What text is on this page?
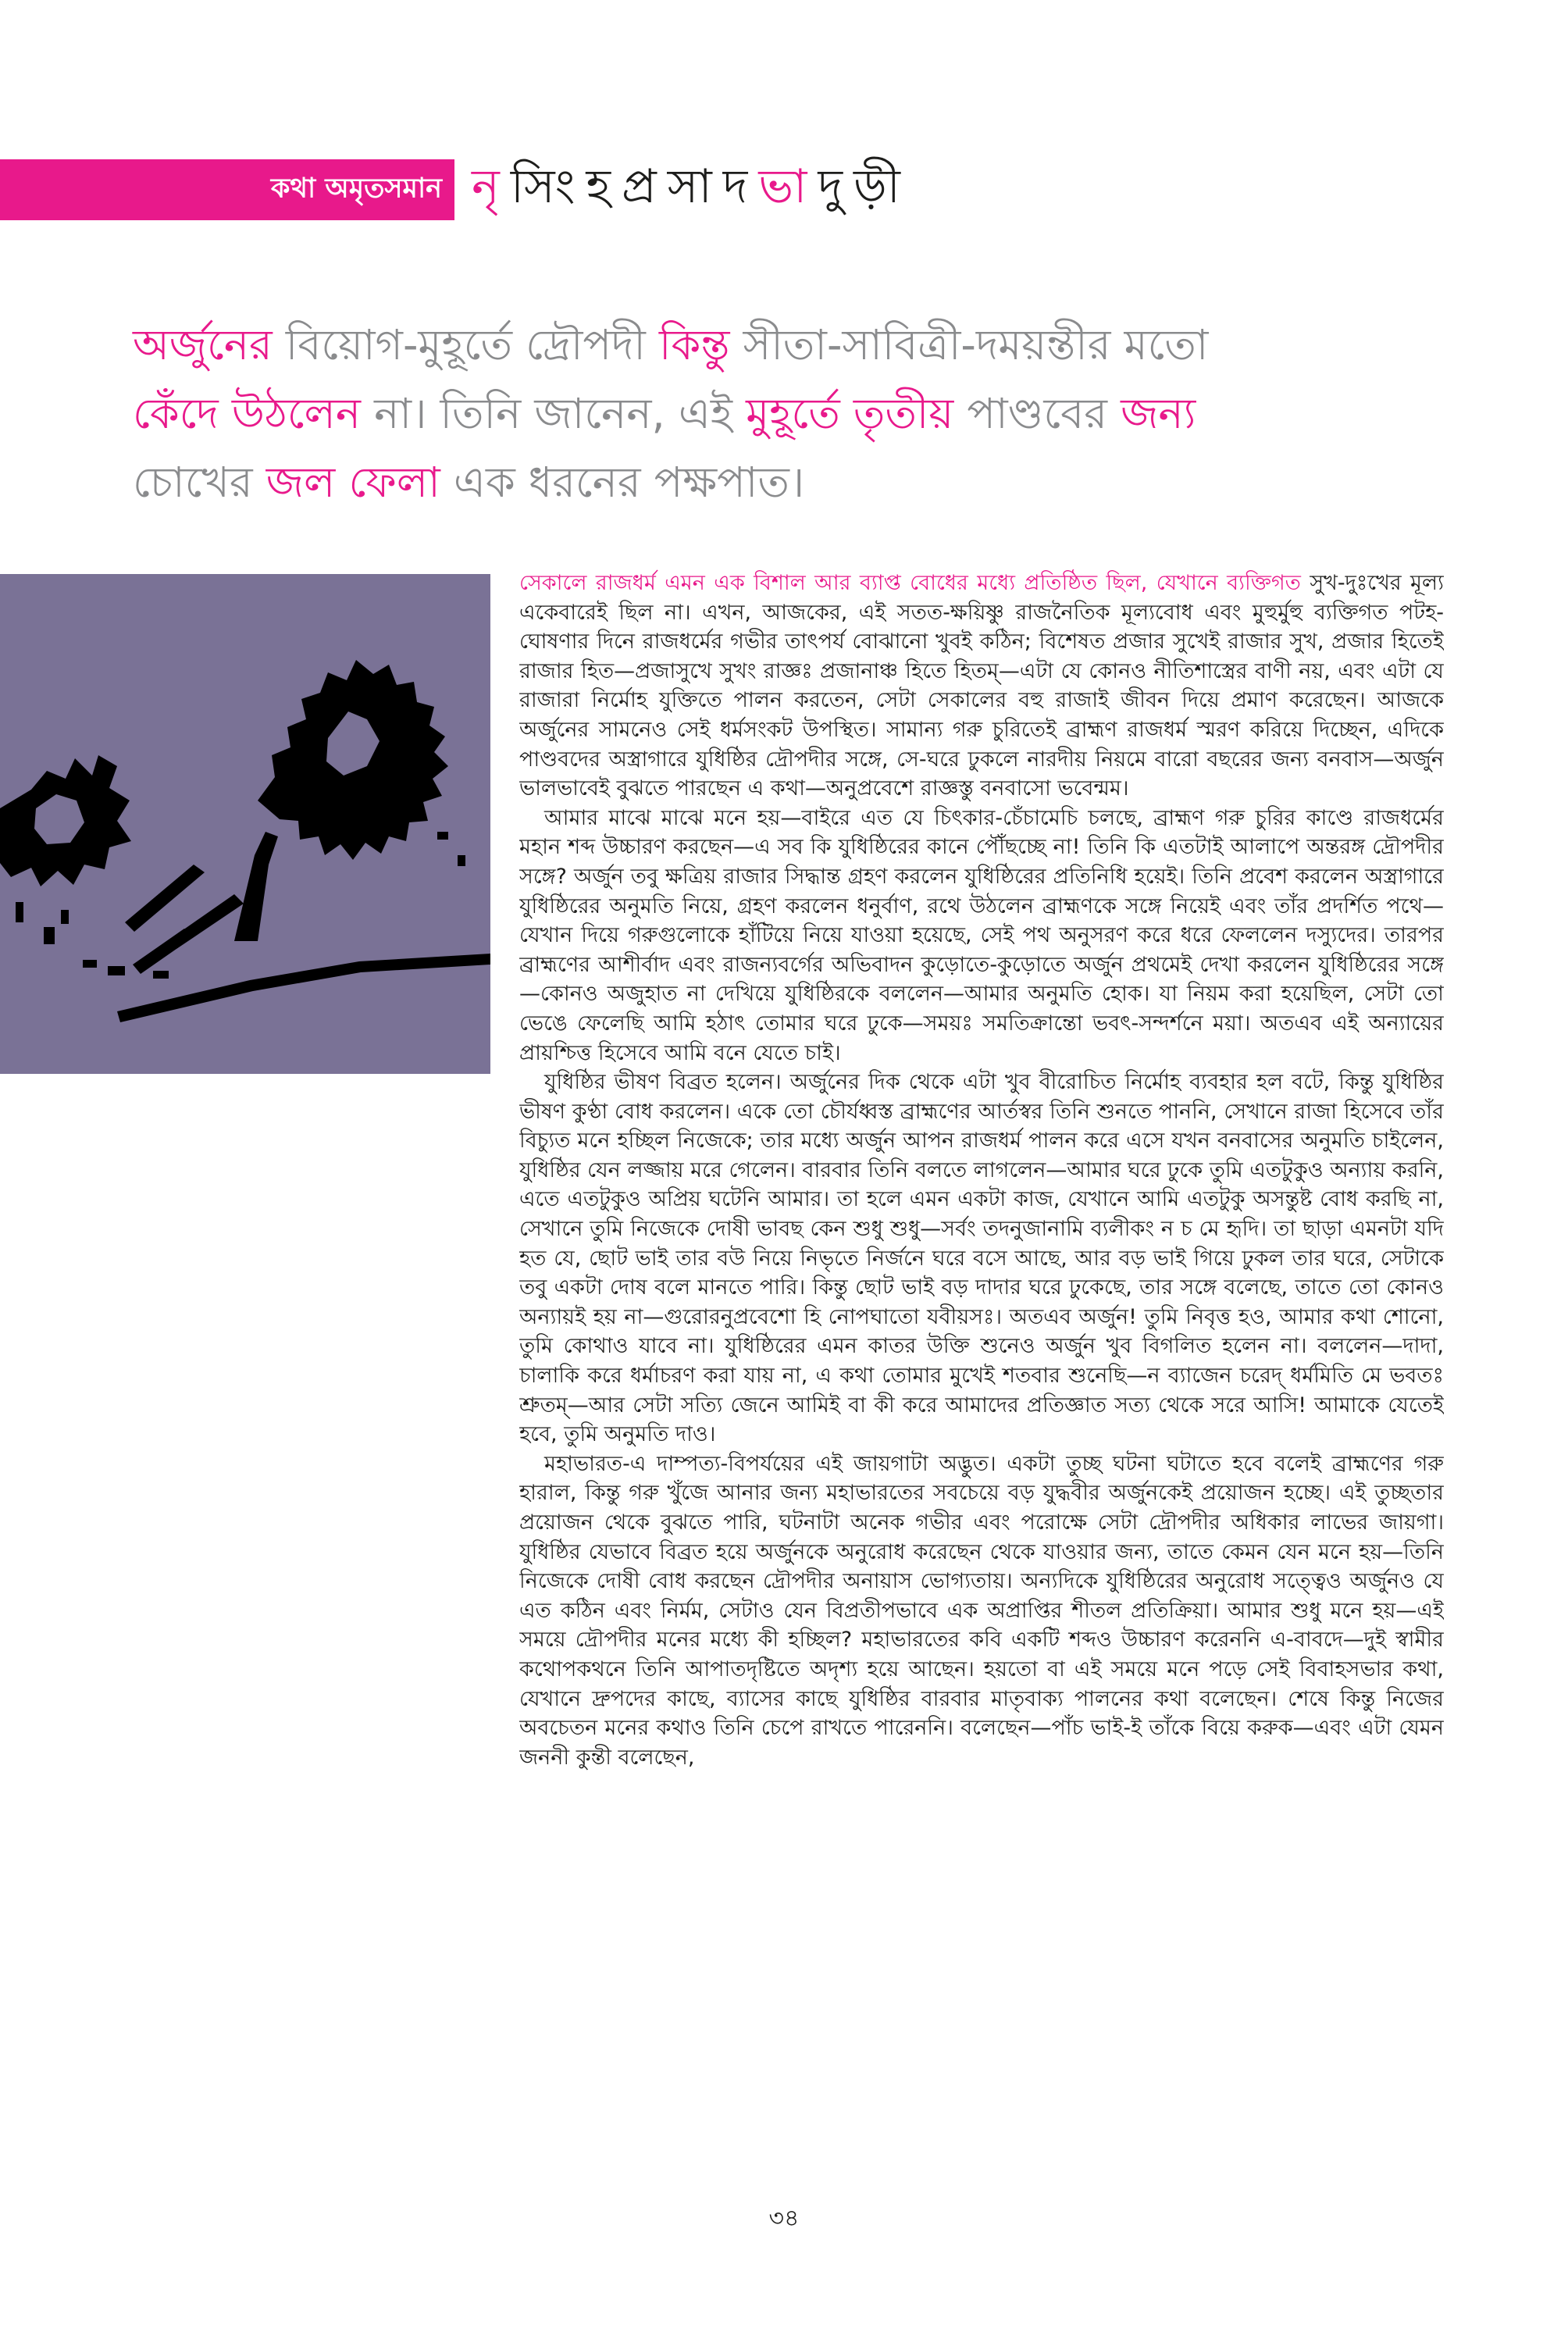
কথা অমৃতসমান নৃ সিংহপ্রসাদ ভা দুড়ী
অর্জুনের বিয়োগ-মুহূর্তে দ্রৌপদী কিন্তু সীতা-সাবিত্রী-দময়ন্তীর মতো
কেঁদে উঠলেন না। তিনি জানেন, এই মুহূর্তে তৃতীয় পাণ্ডবের জন্য
চোখের জল ফেলা এক ধরনের পক্ষপাত।

সেকালে রাজধর্ম এমন এক বিশাল আর ব্যাপ্ত বোধের মধ্যে প্রতিষ্ঠিত ছিল, যেখানে ব্যক্তিগত সুখ-দুঃখের মূল্য একেবারেই ছিল না। এখন, আজকের, এই সতত-ক্ষয়িষ্ণু রাজনৈতিক মূল্যবোধ এবং মুহুর্মুহু ব্যক্তিগত পটহ-ঘোষণার দিনে রাজধর্মের গভীর তাৎপর্য বোঝানো খুবই কঠিন; বিশেষত প্রজার সুখেই রাজার সুখ, প্রজার হিতেই রাজার হিত—প্রজাসুখে সুখং রাজ্ঞঃ প্রজানাঞ্চ হিতে হিতম্—এটা যে কোনও নীতিশাস্ত্রের বাণী নয়, এবং এটা যে রাজারা নির্মোহ যুক্তিতে পালন করতেন, সেটা সেকালের বহু রাজাই জীবন দিয়ে প্রমাণ করেছেন। আজকে অর্জুনের সামনেও সেই ধর্মসংকট উপস্থিত। সামান্য গরু চুরিতেই ব্রাহ্মণ রাজধর্ম স্মরণ করিয়ে দিচ্ছেন, এদিকে পাণ্ডবদের অস্ত্রাগারে যুধিষ্ঠির দ্রৌপদীর সঙ্গে, সে-ঘরে ঢুকলে নারদীয় নিয়মে বারো বছরের জন্য বনবাস—অর্জুন ভালভাবেই বুঝতে পারছেন এ কথা—অনুপ্রবেশে রাজ্ঞস্তু বনবাসো ভবেন্মম।

আমার মাঝে মাঝে মনে হয়—বাইরে এত যে চিৎকার-চেঁচামেচি চলছে, ব্রাহ্মণ গরু চুরির কাণ্ডে রাজধর্মের মহান শব্দ উচ্চারণ করছেন—এ সব কি যুধিষ্ঠিরের কানে পৌঁছচ্ছে না! তিনি কি এতটাই আলাপে অন্তরঙ্গ দ্রৌপদীর সঙ্গে? অর্জুন তবু ক্ষত্রিয় রাজার সিদ্ধান্ত গ্রহণ করলেন যুধিষ্ঠিরের প্রতিনিধি হয়েই। তিনি প্রবেশ করলেন অস্ত্রাগারে যুধিষ্ঠিরের অনুমতি নিয়ে, গ্রহণ করলেন ধনুর্বাণ, রথে উঠলেন ব্রাহ্মণকে সঙ্গে নিয়েই এবং তাঁর প্রদর্শিত পথে—যেখান দিয়ে গরুগুলোকে হাঁটিয়ে নিয়ে যাওয়া হয়েছে, সেই পথ অনুসরণ করে ধরে ফেললেন দস্যুদের। তারপর ব্রাহ্মণের আশীর্বাদ এবং রাজন্যবর্গের অভিবাদন কুড়োতে-কুড়োতে অর্জুন প্রথমেই দেখা করলেন যুধিষ্ঠিরের সঙ্গে—কোনও অজুহাত না দেখিয়ে যুধিষ্ঠিরকে বললেন—আমার অনুমতি হোক। যা নিয়ম করা হয়েছিল, সেটা তো ভেঙে ফেলেছি আমি হঠাৎ তোমার ঘরে ঢুকে—সময়ঃ সমতিক্রান্তো ভবৎ-সন্দর্শনে ময়া। অতএব এই অন্যায়ের প্রায়শ্চিত্ত হিসেবে আমি বনে যেতে চাই।

যুধিষ্ঠির ভীষণ বিব্রত হলেন। অর্জুনের দিক থেকে এটা খুব বীরোচিত নির্মোহ ব্যবহার হল বটে, কিন্তু যুধিষ্ঠির ভীষণ কুণ্ঠা বোধ করলেন। একে তো চৌর্যধ্বস্ত ব্রাহ্মণের আর্তস্বর তিনি শুনতে পাননি, সেখানে রাজা হিসেবে তাঁর বিচ্যুত মনে হচ্ছিল নিজেকে; তার মধ্যে অর্জুন আপন রাজধর্ম পালন করে এসে যখন বনবাসের অনুমতি চাইলেন, যুধিষ্ঠির যেন লজ্জায় মরে গেলেন। বারবার তিনি বলতে লাগলেন—আমার ঘরে ঢুকে তুমি এতটুকুও অন্যায় করনি, এতে এতটুকুও অপ্রিয় ঘটেনি আমার। তা হলে এমন একটা কাজ, যেখানে আমি এতটুকু অসন্তুষ্ট বোধ করছি না, সেখানে তুমি নিজেকে দোষী ভাবছ কেন শুধু শুধু—সর্বং তদনুজানামি ব্যলীকং ন চ মে হৃদি। তা ছাড়া এমনটা যদি হত যে, ছোট ভাই তার বউ নিয়ে নিভৃতে নির্জনে ঘরে বসে আছে, আর বড় ভাই গিয়ে ঢুকল তার ঘরে, সেটাকে তবু একটা দোষ বলে মানতে পারি। কিন্তু ছোট ভাই বড় দাদার ঘরে ঢুকেছে, তার সঙ্গে বলেছে, তাতে তো কোনও অন্যায়ই হয় না—গুরোরনুপ্রবেশো হি নোপঘাতো যবীয়সঃ। অতএব অর্জুন! তুমি নিবৃত্ত হও, আমার কথা শোনো, তুমি কোথাও যাবে না। যুধিষ্ঠিরের এমন কাতর উক্তি শুনেও অর্জুন খুব বিগলিত হলেন না। বললেন—দাদা, চালাকি করে ধর্মাচরণ করা যায় না, এ কথা তোমার মুখেই শতবার শুনেছি—ন ব্যাজেন চরেদ্ ধর্মমিতি মে ভবতঃ শ্রুতম্—আর সেটা সত্যি জেনে আমিই বা কী করে আমাদের প্রতিজ্ঞাত সত্য থেকে সরে আসি! আমাকে যেতেই হবে, তুমি অনুমতি দাও।

মহাভারত-এ দাম্পত্য-বিপর্যয়ের এই জায়গাটা অদ্ভুত। একটা তুচ্ছ ঘটনা ঘটাতে হবে বলেই ব্রাহ্মণের গরু হারাল, কিন্তু গরু খুঁজে আনার জন্য মহাভারতের সবচেয়ে বড় যুদ্ধবীর অর্জুনকেই প্রয়োজন হচ্ছে। এই তুচ্ছতার প্রয়োজন থেকে বুঝতে পারি, ঘটনাটা অনেক গভীর এবং পরোক্ষে সেটা দ্রৌপদীর অধিকার লাভের জায়গা। যুধিষ্ঠির যেভাবে বিব্রত হয়ে অর্জুনকে অনুরোধ করেছেন থেকে যাওয়ার জন্য, তাতে কেমন যেন মনে হয়—তিনি নিজেকে দোষী বোধ করছেন দ্রৌপদীর অনায়াস ভোগ্যতায়। অন্যদিকে যুধিষ্ঠিরের অনুরোধ সত্ত্বেও অর্জুনও যে এত কঠিন এবং নির্মম, সেটাও যেন বিপ্রতীপভাবে এক অপ্রাপ্তির শীতল প্রতিক্রিয়া। আমার শুধু মনে হয়—এই সময়ে দ্রৌপদীর মনের মধ্যে কী হচ্ছিল? মহাভারতের কবি একটি শব্দও উচ্চারণ করেননি এ-বাবদে—দুই স্বামীর কথোপকথনে তিনি আপাতদৃষ্টিতে অদৃশ্য হয়ে আছেন। হয়তো বা এই সময়ে মনে পড়ে সেই বিবাহসভার কথা, যেখানে দ্রুপদের কাছে, ব্যাসের কাছে যুধিষ্ঠির বারবার মাতৃবাক্য পালনের কথা বলেছেন। শেষে কিন্তু নিজের অবচেতন মনের কথাও তিনি চেপে রাখতে পারেননি। বলেছেন—পাঁচ ভাই-ই তাঁকে বিয়ে করুক—এবং এটা যেমন জননী কুন্তী বলেছেন,

৩৪
